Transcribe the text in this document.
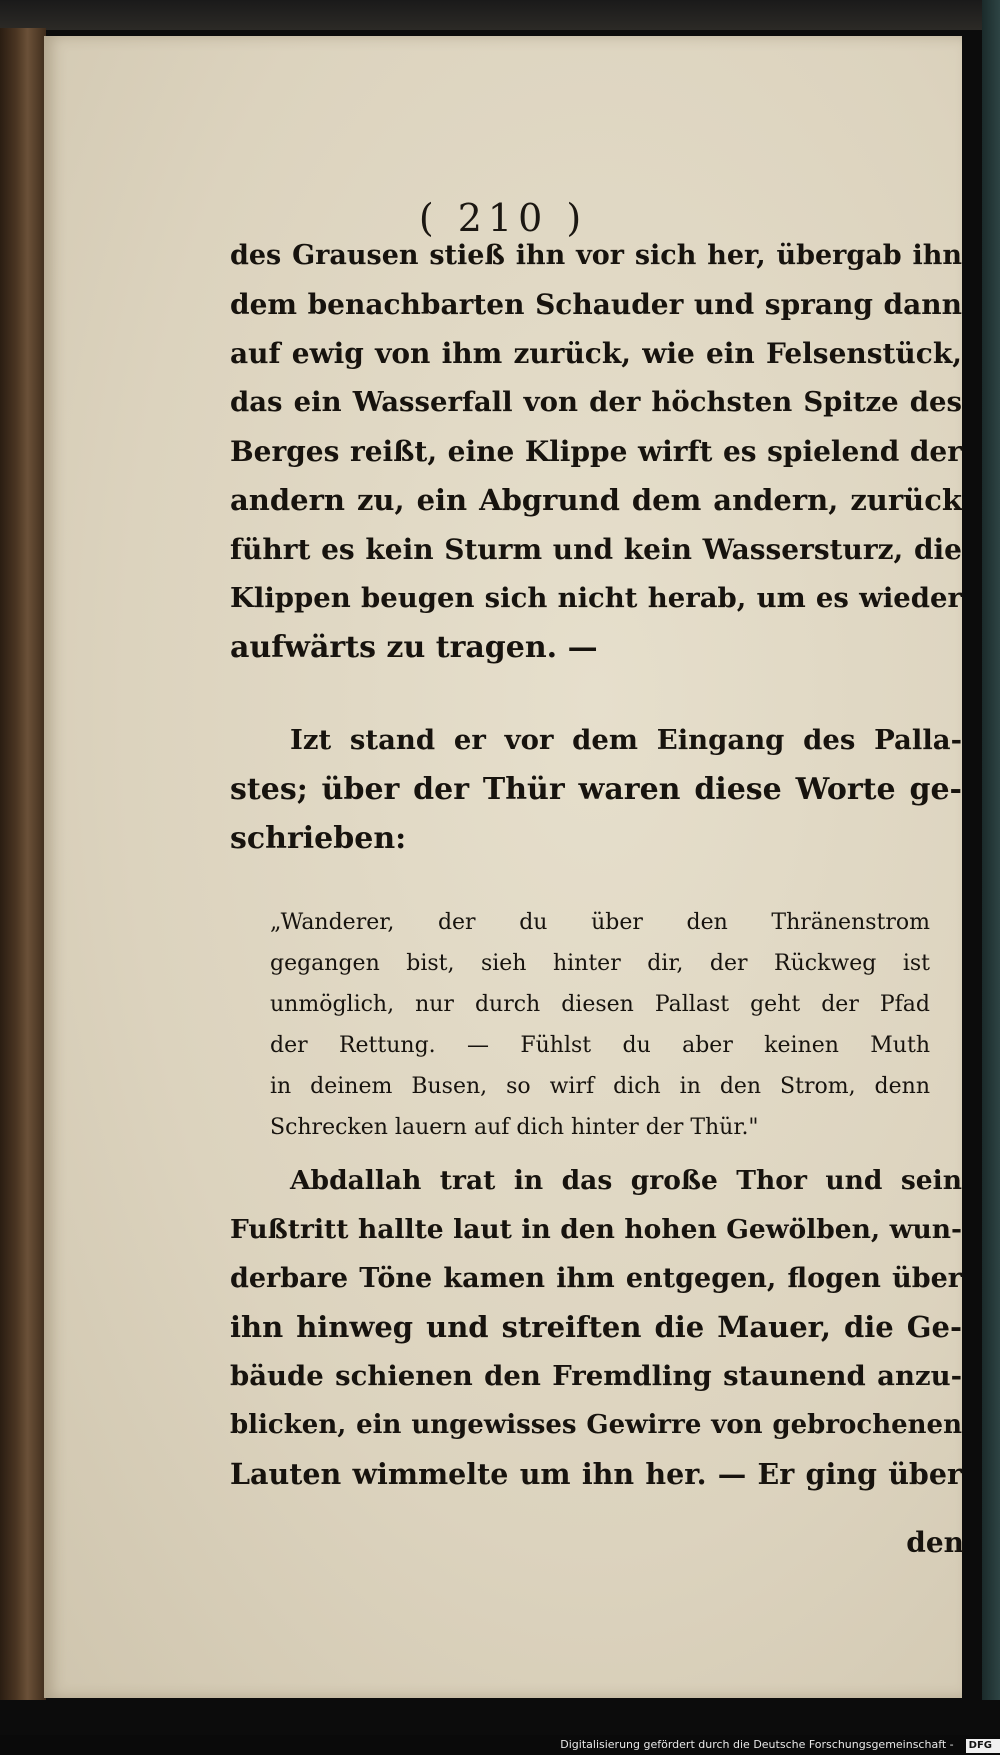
( 210 )
des Grausen stieß ihn vor sich her, übergab ihn
dem benachbarten Schauder und sprang dann
auf ewig von ihm zurück, wie ein Felsenstück,
das ein Wasserfall von der höchsten Spitze des
Berges reißt, eine Klippe wirft es spielend der
andern zu, ein Abgrund dem andern, zurück
führt es kein Sturm und kein Wassersturz, die
Klippen beugen sich nicht herab, um es wieder
aufwärts zu tragen. —
Izt stand er vor dem Eingang des Palla-
stes; über der Thür waren diese Worte ge-
schrieben:
„Wanderer, der du über den Thränenstrom
gegangen bist, sieh hinter dir, der Rückweg ist
unmöglich, nur durch diesen Pallast geht der Pfad
der Rettung. — Fühlst du aber keinen Muth
in deinem Busen, so wirf dich in den Strom, denn
Schrecken lauern auf dich hinter der Thür."
Abdallah trat in das große Thor und sein
Fußtritt hallte laut in den hohen Gewölben, wun-
derbare Töne kamen ihm entgegen, flogen über
ihn hinweg und streiften die Mauer, die Ge-
bäude schienen den Fremdling staunend anzu-
blicken, ein ungewisses Gewirre von gebrochenen
Lauten wimmelte um ihn her. — Er ging über
den
Digitalisierung gefördert durch die Deutsche Forschungsgemeinschaft - DFG
